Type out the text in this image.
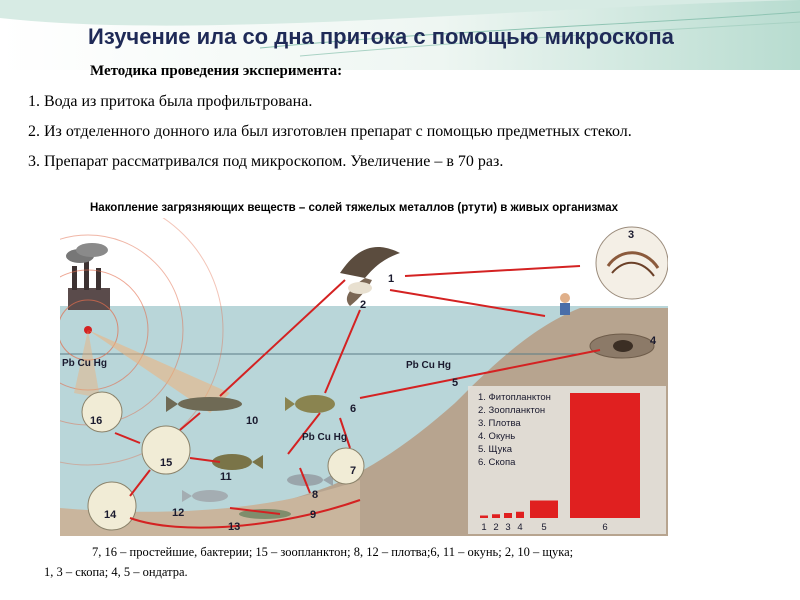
Изучение ила со дна притока с помощью микроскопа
Методика проведения эксперимента:
1. Вода из притока была профильтрована.
2. Из отделенного донного ила был изготовлен препарат с помощью предметных стекол.
3. Препарат рассматривался под микроскопом. Увеличение – в 70 раз.
Накопление загрязняющих веществ – солей тяжелых металлов (ртути) в живых организмах
Pb Cu Hg
Pb Cu Hg
Pb Cu Hg
1
2
3
4
5
6
7
8
9
10
11
12
13
14
15
16
1. Фитопланктон
2. Зоопланктон
3. Плотва
4. Окунь
5. Щука
6. Скопа
1 2 3 4 5	6
7, 16 – простейшие, бактерии; 15 – зоопланктон; 8, 12 – плотва;6, 11 – окунь; 2, 10 – щука;
1, 3 – скопа; 4, 5 – ондатра.
